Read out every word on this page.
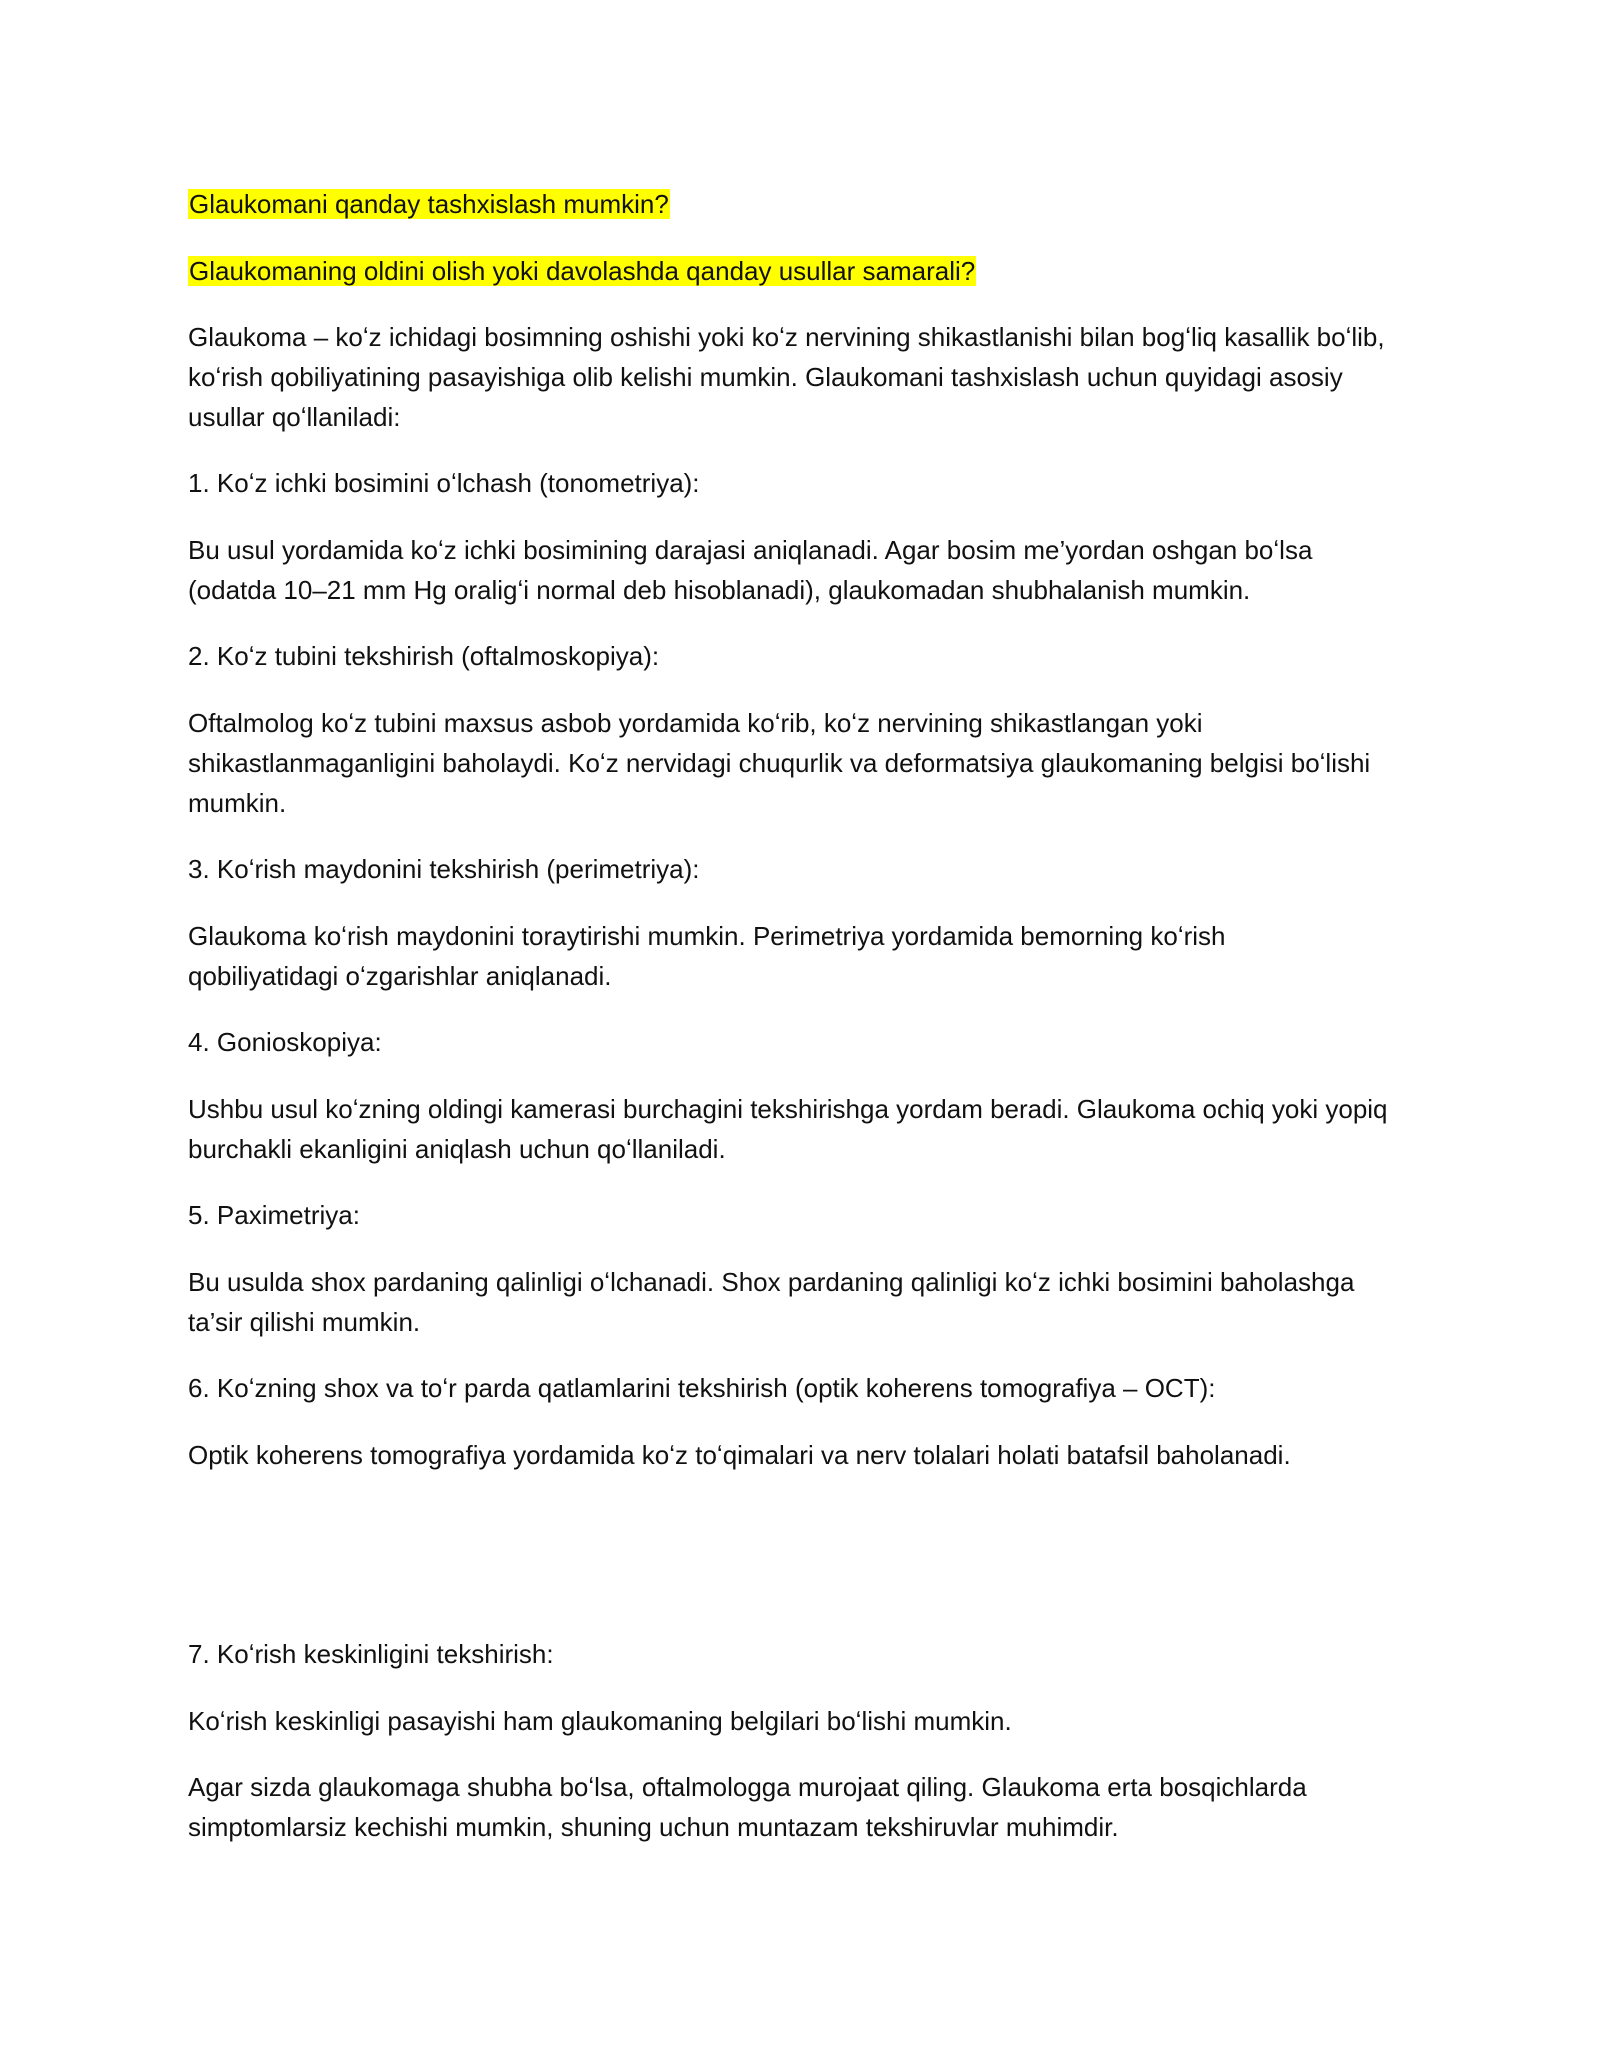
Glaukomani qanday tashxislash mumkin?

Glaukomaning oldini olish yoki davolashda qanday usullar samarali?

Glaukoma – koʻz ichidagi bosimning oshishi yoki koʻz nervining shikastlanishi bilan bogʻliq kasallik boʻlib,

koʻrish qobiliyatining pasayishiga olib kelishi mumkin. Glaukomani tashxislash uchun quyidagi asosiy

usullar qoʻllaniladi:

1. Koʻz ichki bosimini oʻlchash (tonometriya):

Bu usul yordamida koʻz ichki bosimining darajasi aniqlanadi. Agar bosim me’yordan oshgan boʻlsa

(odatda 10–21 mm Hg oraligʻi normal deb hisoblanadi), glaukomadan shubhalanish mumkin.

2. Koʻz tubini tekshirish (oftalmoskopiya):

Oftalmolog koʻz tubini maxsus asbob yordamida koʻrib, koʻz nervining shikastlangan yoki

shikastlanmaganligini baholaydi. Koʻz nervidagi chuqurlik va deformatsiya glaukomaning belgisi boʻlishi

mumkin.

3. Koʻrish maydonini tekshirish (perimetriya):

Glaukoma koʻrish maydonini toraytirishi mumkin. Perimetriya yordamida bemorning koʻrish

qobiliyatidagi oʻzgarishlar aniqlanadi.

4. Gonioskopiya:

Ushbu usul koʻzning oldingi kamerasi burchagini tekshirishga yordam beradi. Glaukoma ochiq yoki yopiq

burchakli ekanligini aniqlash uchun qoʻllaniladi.

5. Paximetriya:

Bu usulda shox pardaning qalinligi oʻlchanadi. Shox pardaning qalinligi koʻz ichki bosimini baholashga

ta’sir qilishi mumkin.

6. Koʻzning shox va toʻr parda qatlamlarini tekshirish (optik koherens tomografiya – OCT):

Optik koherens tomografiya yordamida koʻz toʻqimalari va nerv tolalari holati batafsil baholanadi.

7. Koʻrish keskinligini tekshirish:

Koʻrish keskinligi pasayishi ham glaukomaning belgilari boʻlishi mumkin.

Agar sizda glaukomaga shubha boʻlsa, oftalmologga murojaat qiling. Glaukoma erta bosqichlarda

simptomlarsiz kechishi mumkin, shuning uchun muntazam tekshiruvlar muhimdir.
